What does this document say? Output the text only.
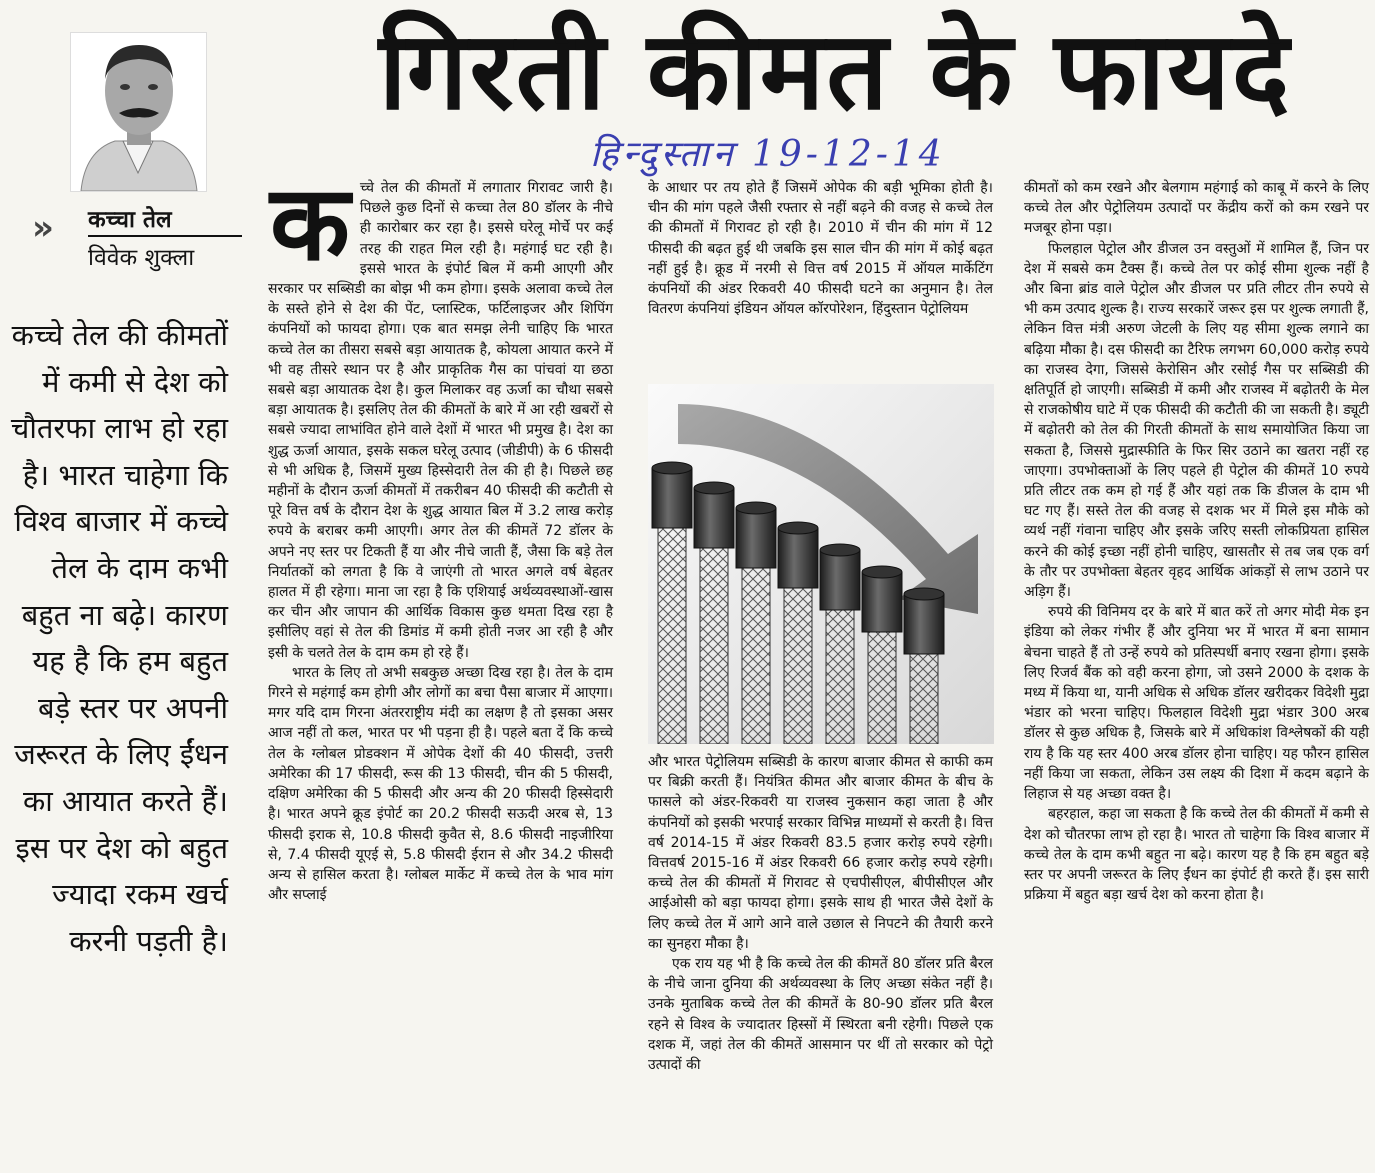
गिरती कीमत के फायदे
हिन्दुस्तान 19-12-14
» कच्चा तेल
विवेक शुक्ला

कच्चे तेल की कीमतों में कमी से देश को चौतरफा लाभ हो रहा है। भारत चाहेगा कि विश्व बाजार में कच्चे तेल के दाम कभी बहुत ना बढ़े। कारण यह है कि हम बहुत बड़े स्तर पर अपनी जरूरत के लिए ईंधन का आयात करते हैं। इस पर देश को बहुत ज्यादा रकम खर्च करनी पड़ती है।

कच्चे तेल की कीमतों में लगातार गिरावट जारी है। पिछले कुछ दिनों से कच्चा तेल 80 डॉलर के नीचे ही कारोबार कर रहा है। इससे घरेलू मोर्चे पर कई तरह की राहत मिल रही है। महंगाई घट रही है। इससे भारत के इंपोर्ट बिल में कमी आएगी और सरकार पर सब्सिडी का बोझ भी कम होगा। इसके अलावा कच्चे तेल के सस्ते होने से देश की पेंट, प्लास्टिक, फर्टिलाइजर और शिपिंग कंपनियों को फायदा होगा। एक बात समझ लेनी चाहिए कि भारत कच्चे तेल का तीसरा सबसे बड़ा आयातक है, कोयला आयात करने में भी वह तीसरे स्थान पर है और प्राकृतिक गैस का पांचवां या छठा सबसे बड़ा आयातक देश है। कुल मिलाकर वह ऊर्जा का चौथा सबसे बड़ा आयातक है। इसलिए तेल की कीमतों के बारे में आ रही खबरों से सबसे ज्यादा लाभांवित होने वाले देशों में भारत भी प्रमुख है। देश का शुद्ध ऊर्जा आयात, इसके सकल घरेलू उत्पाद (जीडीपी) के 6 फीसदी से भी अधिक है, जिसमें मुख्य हिस्सेदारी तेल की ही है। पिछले छह महीनों के दौरान ऊर्जा कीमतों में तकरीबन 40 फीसदी की कटौती से पूरे वित्त वर्ष के दौरान देश के शुद्ध आयात बिल में 3.2 लाख करोड़ रुपये के बराबर कमी आएगी। अगर तेल की कीमतें 72 डॉलर के अपने नए स्तर पर टिकती हैं या और नीचे जाती हैं, जैसा कि बड़े तेल निर्यातकों को लगता है कि वे जाएंगी तो भारत अगले वर्ष बेहतर हालत में ही रहेगा। माना जा रहा है कि एशियाई अर्थव्यवस्थाओं-खास कर चीन और जापान की आर्थिक विकास कुछ थमता दिख रहा है इसीलिए वहां से तेल की डिमांड में कमी होती नजर आ रही है और इसी के चलते तेल के दाम कम हो रहे हैं।

भारत के लिए तो अभी सबकुछ अच्छा दिख रहा है। तेल के दाम गिरने से महंगाई कम होगी और लोगों का बचा पैसा बाजार में आएगा। मगर यदि दाम गिरना अंतरराष्ट्रीय मंदी का लक्षण है तो इसका असर आज नहीं तो कल, भारत पर भी पड़ना ही है। पहले बता दें कि कच्चे तेल के ग्लोबल प्रोडक्शन में ओपेक देशों की 40 फीसदी, उत्तरी अमेरिका की 17 फीसदी, रूस की 13 फीसदी, चीन की 5 फीसदी, दक्षिण अमेरिका की 5 फीसदी और अन्य की 20 फीसदी हिस्सेदारी है। भारत अपने क्रूड इंपोर्ट का 20.2 फीसदी सऊदी अरब से, 13 फीसदी इराक से, 10.8 फीसदी कुवैत से, 8.6 फीसदी नाइजीरिया से, 7.4 फीसदी यूएई से, 5.8 फीसदी ईरान से और 34.2 फीसदी अन्य से हासिल करता है। ग्लोबल मार्केट में कच्चे तेल के भाव मांग और सप्लाई

के आधार पर तय होते हैं जिसमें ओपेक की बड़ी भूमिका होती है। चीन की मांग पहले जैसी रफ्तार से नहीं बढ़ने की वजह से कच्चे तेल की कीमतों में गिरावट हो रही है। 2010 में चीन की मांग में 12 फीसदी की बढ़त हुई थी जबकि इस साल चीन की मांग में कोई बढ़त नहीं हुई है। क्रूड में नरमी से वित्त वर्ष 2015 में ऑयल मार्केटिंग कंपनियों की अंडर रिकवरी 40 फीसदी घटने का अनुमान है। तेल वितरण कंपनियां इंडियन ऑयल कॉरपोरेशन, हिंदुस्तान पेट्रोलियम

और भारत पेट्रोलियम सब्सिडी के कारण बाजार कीमत से काफी कम पर बिक्री करती हैं। नियंत्रित कीमत और बाजार कीमत के बीच के फासले को अंडर-रिकवरी या राजस्व नुकसान कहा जाता है और कंपनियों को इसकी भरपाई सरकार विभिन्न माध्यमों से करती है। वित्त वर्ष 2014-15 में अंडर रिकवरी 83.5 हजार करोड़ रुपये रहेगी। वित्तवर्ष 2015-16 में अंडर रिकवरी 66 हजार करोड़ रुपये रहेगी। कच्चे तेल की कीमतों में गिरावट से एचपीसीएल, बीपीसीएल और आईओसी को बड़ा फायदा होगा। इसके साथ ही भारत जैसे देशों के लिए कच्चे तेल में आगे आने वाले उछाल से निपटने की तैयारी करने का सुनहरा मौका है।

एक राय यह भी है कि कच्चे तेल की कीमतें 80 डॉलर प्रति बैरल के नीचे जाना दुनिया की अर्थव्यवस्था के लिए अच्छा संकेत नहीं है। उनके मुताबिक कच्चे तेल की कीमतें के 80-90 डॉलर प्रति बैरल रहने से विश्व के ज्यादातर हिस्सों में स्थिरता बनी रहेगी। पिछले एक दशक में, जहां तेल की कीमतें आसमान पर थीं तो सरकार को पेट्रो उत्पादों की

कीमतों को कम रखने और बेलगाम महंगाई को काबू में करने के लिए कच्चे तेल और पेट्रोलियम उत्पादों पर केंद्रीय करों को कम रखने पर मजबूर होना पड़ा।

फिलहाल पेट्रोल और डीजल उन वस्तुओं में शामिल हैं, जिन पर देश में सबसे कम टैक्स हैं। कच्चे तेल पर कोई सीमा शुल्क नहीं है और बिना ब्रांड वाले पेट्रोल और डीजल पर प्रति लीटर तीन रुपये से भी कम उत्पाद शुल्क है। राज्य सरकारें जरूर इस पर शुल्क लगाती हैं, लेकिन वित्त मंत्री अरुण जेटली के लिए यह सीमा शुल्क लगाने का बढ़िया मौका है। दस फीसदी का टैरिफ लगभग 60,000 करोड़ रुपये का राजस्व देगा, जिससे केरोसिन और रसोई गैस पर सब्सिडी की क्षतिपूर्ति हो जाएगी। सब्सिडी में कमी और राजस्व में बढ़ोतरी के मेल से राजकोषीय घाटे में एक फीसदी की कटौती की जा सकती है। ड्यूटी में बढ़ोतरी को तेल की गिरती कीमतों के साथ समायोजित किया जा सकता है, जिससे मुद्रास्फीति के फिर सिर उठाने का खतरा नहीं रह जाएगा। उपभोक्ताओं के लिए पहले ही पेट्रोल की कीमतें 10 रुपये प्रति लीटर तक कम हो गई हैं और यहां तक कि डीजल के दाम भी घट गए हैं। सस्ते तेल की वजह से दशक भर में मिले इस मौके को व्यर्थ नहीं गंवाना चाहिए और इसके जरिए सस्ती लोकप्रियता हासिल करने की कोई इच्छा नहीं होनी चाहिए, खासतौर से तब जब एक वर्ग के तौर पर उपभोक्ता बेहतर वृहद आर्थिक आंकड़ों से लाभ उठाने पर अड़िग हैं।

रुपये की विनिमय दर के बारे में बात करें तो अगर मोदी मेक इन इंडिया को लेकर गंभीर हैं और दुनिया भर में भारत में बना सामान बेचना चाहते हैं तो उन्हें रुपये को प्रतिस्पर्धी बनाए रखना होगा। इसके लिए रिजर्व बैंक को वही करना होगा, जो उसने 2000 के दशक के मध्य में किया था, यानी अधिक से अधिक डॉलर खरीदकर विदेशी मुद्रा भंडार को भरना चाहिए। फिलहाल विदेशी मुद्रा भंडार 300 अरब डॉलर से कुछ अधिक है, जिसके बारे में अधिकांश विश्लेषकों की यही राय है कि यह स्तर 400 अरब डॉलर होना चाहिए। यह फौरन हासिल नहीं किया जा सकता, लेकिन उस लक्ष्य की दिशा में कदम बढ़ाने के लिहाज से यह अच्छा वक्त है।

बहरहाल, कहा जा सकता है कि कच्चे तेल की कीमतों में कमी से देश को चौतरफा लाभ हो रहा है। भारत तो चाहेगा कि विश्व बाजार में कच्चे तेल के दाम कभी बहुत ना बढ़े। कारण यह है कि हम बहुत बड़े स्तर पर अपनी जरूरत के लिए ईंधन का इंपोर्ट ही करते हैं। इस सारी प्रक्रिया में बहुत बड़ा खर्च देश को करना होता है।
